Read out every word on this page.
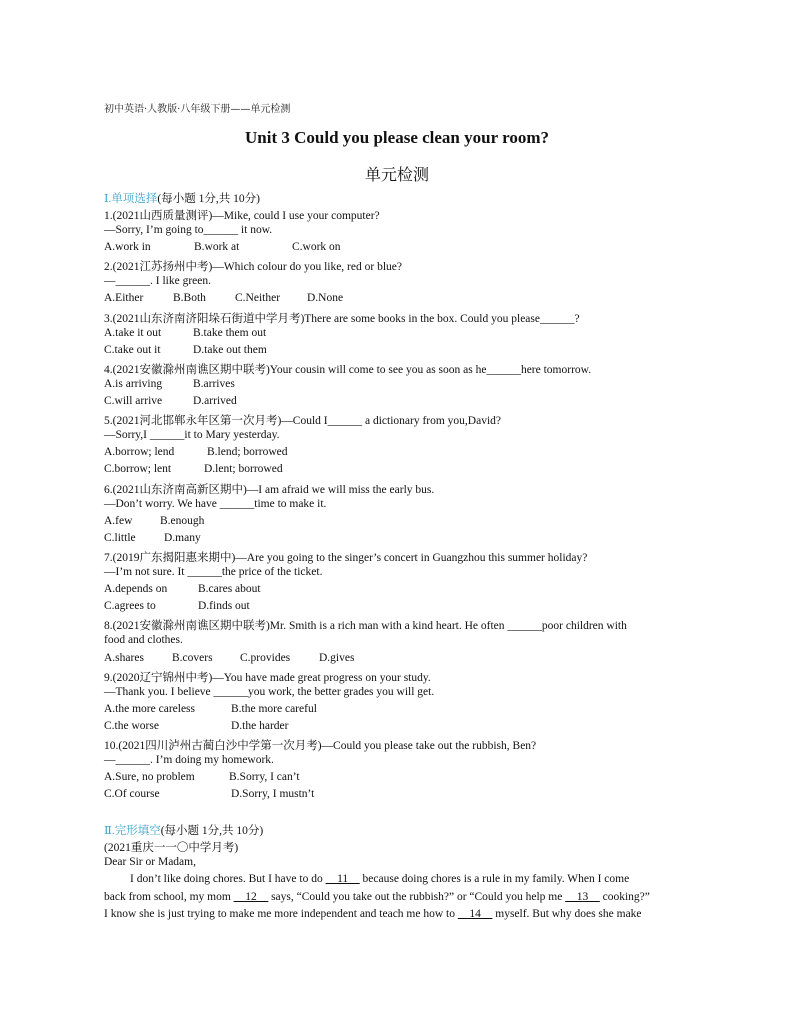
初中英语·人教版·八年级下册——单元检测
Unit 3 Could you please clean your room?
单元检测
Ⅰ.单项选择(每小题 1分,共 10分)
1.(2021山西质量测评)—Mike, could I use your computer?
—Sorry, I’m going to______ it now.
A.work in	B.work at	C.work on
2.(2021江苏扬州中考)—Which colour do you like, red or blue?
—______. I like green.
A.Either	B.Both	C.Neither D.None
3.(2021山东济南济阳垛石街道中学月考)There are some books in the box. Could you please______?
A.take it out	B.take them out
C.take out it	D.take out them
4.(2021安徽滁州南谯区期中联考)Your cousin will come to see you as soon as he______here tomorrow.
A.is arriving	B.arrives
C.will arrive	D.arrived
5.(2021河北邯郸永年区第一次月考)—Could I______ a dictionary from you,David?
—Sorry,I ______it to Mary yesterday.
A.borrow; lend	B.lend; borrowed
C.borrow; lent	D.lent; borrowed
6.(2021山东济南高新区期中)—I am afraid we will miss the early bus.
—Don’t worry. We have ______time to make it.
A.few B.enough
C.little D.many
7.(2019广东揭阳惠来期中)—Are you going to the singer’s concert in Guangzhou this summer holiday?
—I’m not sure. It ______the price of the ticket.
A.depends on	B.cares about
C.agrees to	D.finds out
8.(2021安徽滁州南谯区期中联考)Mr. Smith is a rich man with a kind heart. He often ______poor children with
food and clothes.
A.shares B.covers C.provides	D.gives
9.(2020辽宁锦州中考)—You have made great progress on your study.
—Thank you. I believe ______you work, the better grades you will get.
A.the more careless	B.the more careful
C.the worse	D.the harder
10.(2021四川泸州古蔺白沙中学第一次月考)—Could you please take out the rubbish, Ben?
—______. I’m doing my homework.
A.Sure, no problem	B.Sorry, I can’t
C.Of course	D.Sorry, I mustn’t
Ⅱ.完形填空(每小题 1分,共 10分)
(2021重庆一一〇中学月考)
Dear Sir or Madam,
I don’t like doing chores. But I have to do __11__ because doing chores is a rule in my family. When I come
back from school, my mom __12__ says, “Could you take out the rubbish?” or “Could you help me __13__ cooking?”
I know she is just trying to make me more independent and teach me how to __14__ myself. But why does she make
